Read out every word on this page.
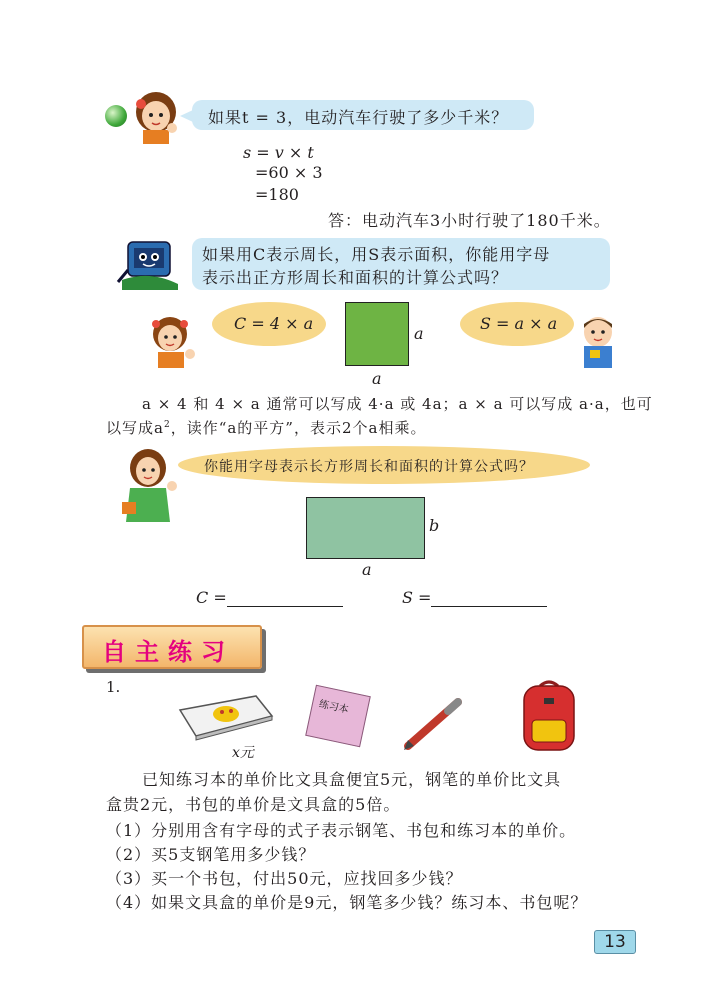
如果t = 3，电动汽车行驶了多少千米？
s = v × t
=60 × 3
=180
答：电动汽车3小时行驶了180千米。
如果用C表示周长，用S表示面积，你能用字母
表示出正方形周长和面积的计算公式吗？
C = 4 × a
a
a
S = a × a
a × 4 和 4 × a 通常可以写成 4·a 或 4a；a × a 可以写成 a·a，也可
以写成$a^2$，读作“a的平方”，表示2个a相乘。
你能用字母表示长方形周长和面积的计算公式吗？
b
a
C =	S =
自主练习
1.
x元
练习本
已知练习本的单价比文具盒便宜5元，钢笔的单价比文具
盒贵2元，书包的单价是文具盒的5倍。
（1）分别用含有字母的式子表示钢笔、书包和练习本的单价。
（2）买5支钢笔用多少钱？
（3）买一个书包，付出50元，应找回多少钱？
（4）如果文具盒的单价是9元，钢笔多少钱？练习本、书包呢？
13
